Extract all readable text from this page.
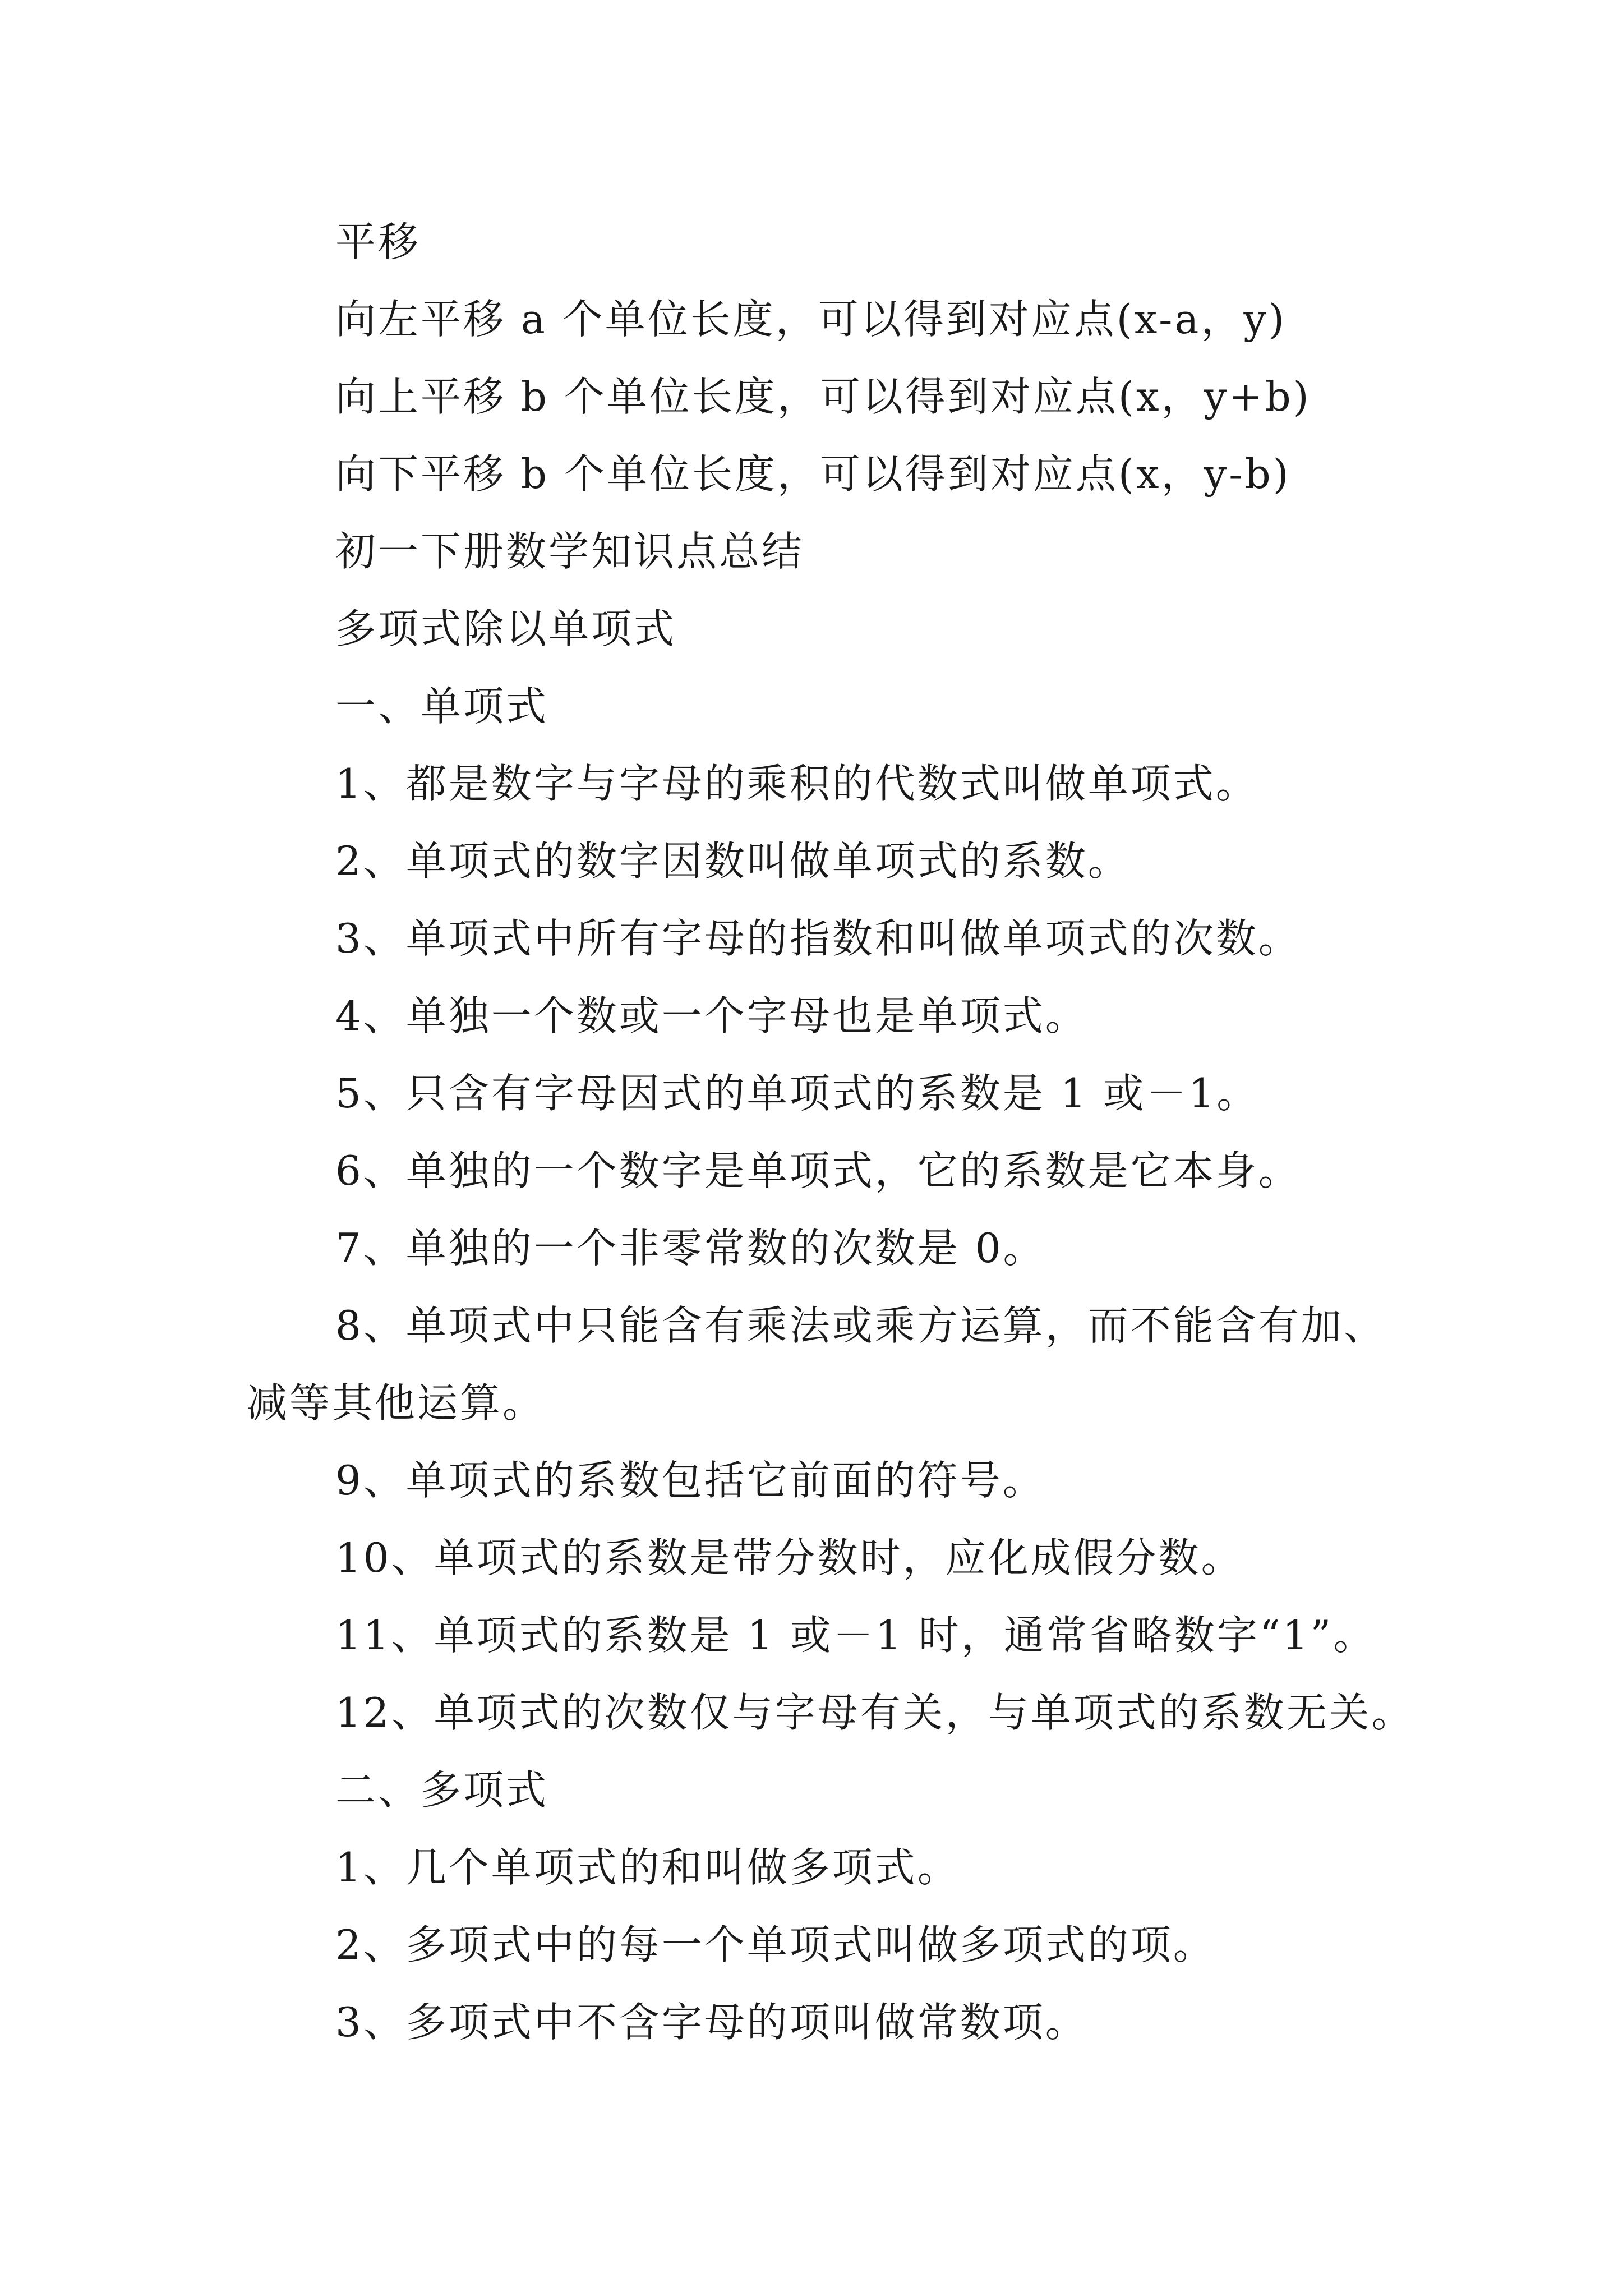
平移

向左平移 a 个单位长度，可以得到对应点(x-a，y)

向上平移 b 个单位长度，可以得到对应点(x，y+b)

向下平移 b 个单位长度，可以得到对应点(x，y-b)

初一下册数学知识点总结

多项式除以单项式

一、单项式

1、都是数字与字母的乘积的代数式叫做单项式。

2、单项式的数字因数叫做单项式的系数。

3、单项式中所有字母的指数和叫做单项式的次数。

4、单独一个数或一个字母也是单项式。

5、只含有字母因式的单项式的系数是 1 或－1。

6、单独的一个数字是单项式，它的系数是它本身。

7、单独的一个非零常数的次数是 0。

8、单项式中只能含有乘法或乘方运算，而不能含有加、减等其他运算。

9、单项式的系数包括它前面的符号。

10、单项式的系数是带分数时，应化成假分数。

11、单项式的系数是 1 或－1 时，通常省略数字“1”。

12、单项式的次数仅与字母有关，与单项式的系数无关。

二、多项式

1、几个单项式的和叫做多项式。

2、多项式中的每一个单项式叫做多项式的项。

3、多项式中不含字母的项叫做常数项。
